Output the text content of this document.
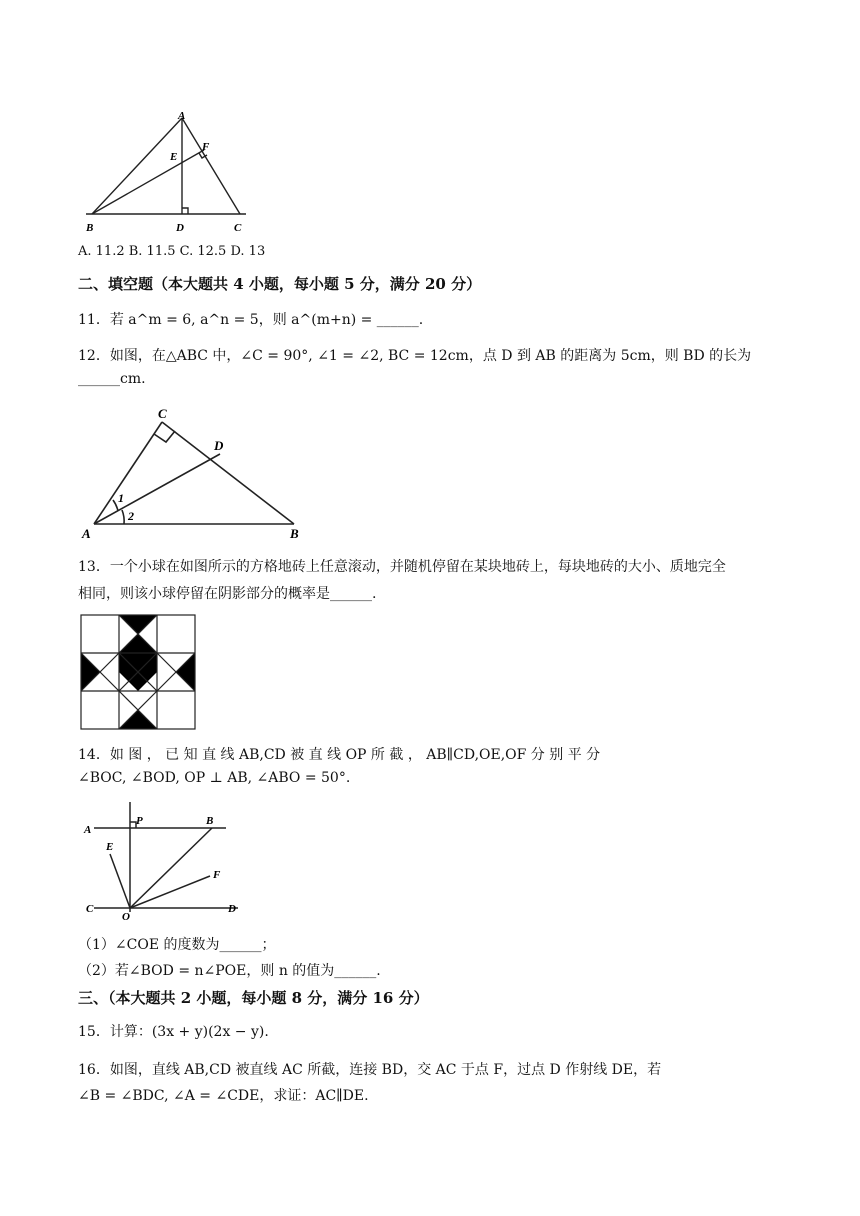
A
B	C
D
E
F
A. 11.2 B. 11.5 C. 12.5 D. 13
二、填空题（本大题共 4 小题，每小题 5 分，满分 20 分）
11．若 a^m = 6, a^n = 5，则 a^(m+n) = ______.
12．如图，在△ABC 中，∠C = 90°, ∠1 = ∠2, BC = 12cm，点 D 到 AB 的距离为 5cm，则 BD 的长为
______cm.
C
D
A	B
1
2
13．一个小球在如图所示的方格地砖上任意滚动，并随机停留在某块地砖上，每块地砖的大小、质地完全
相同，则该小球停留在阴影部分的概率是______.
14．如 图 ， 已 知 直 线 AB,CD 被 直 线 OP 所 截 ， AB∥CD,OE,OF 分 别 平 分
∠BOC, ∠BOD, OP ⊥ AB, ∠ABO = 50°.
A
P	B
E
F
C
O
D
（1）∠COE 的度数为______；
（2）若∠BOD = n∠POE，则 n 的值为______.
三、（本大题共 2 小题，每小题 8 分，满分 16 分）
15．计算：(3x + y)(2x − y).
16．如图，直线 AB,CD 被直线 AC 所截，连接 BD，交 AC 于点 F，过点 D 作射线 DE，若
∠B = ∠BDC, ∠A = ∠CDE，求证：AC∥DE.
